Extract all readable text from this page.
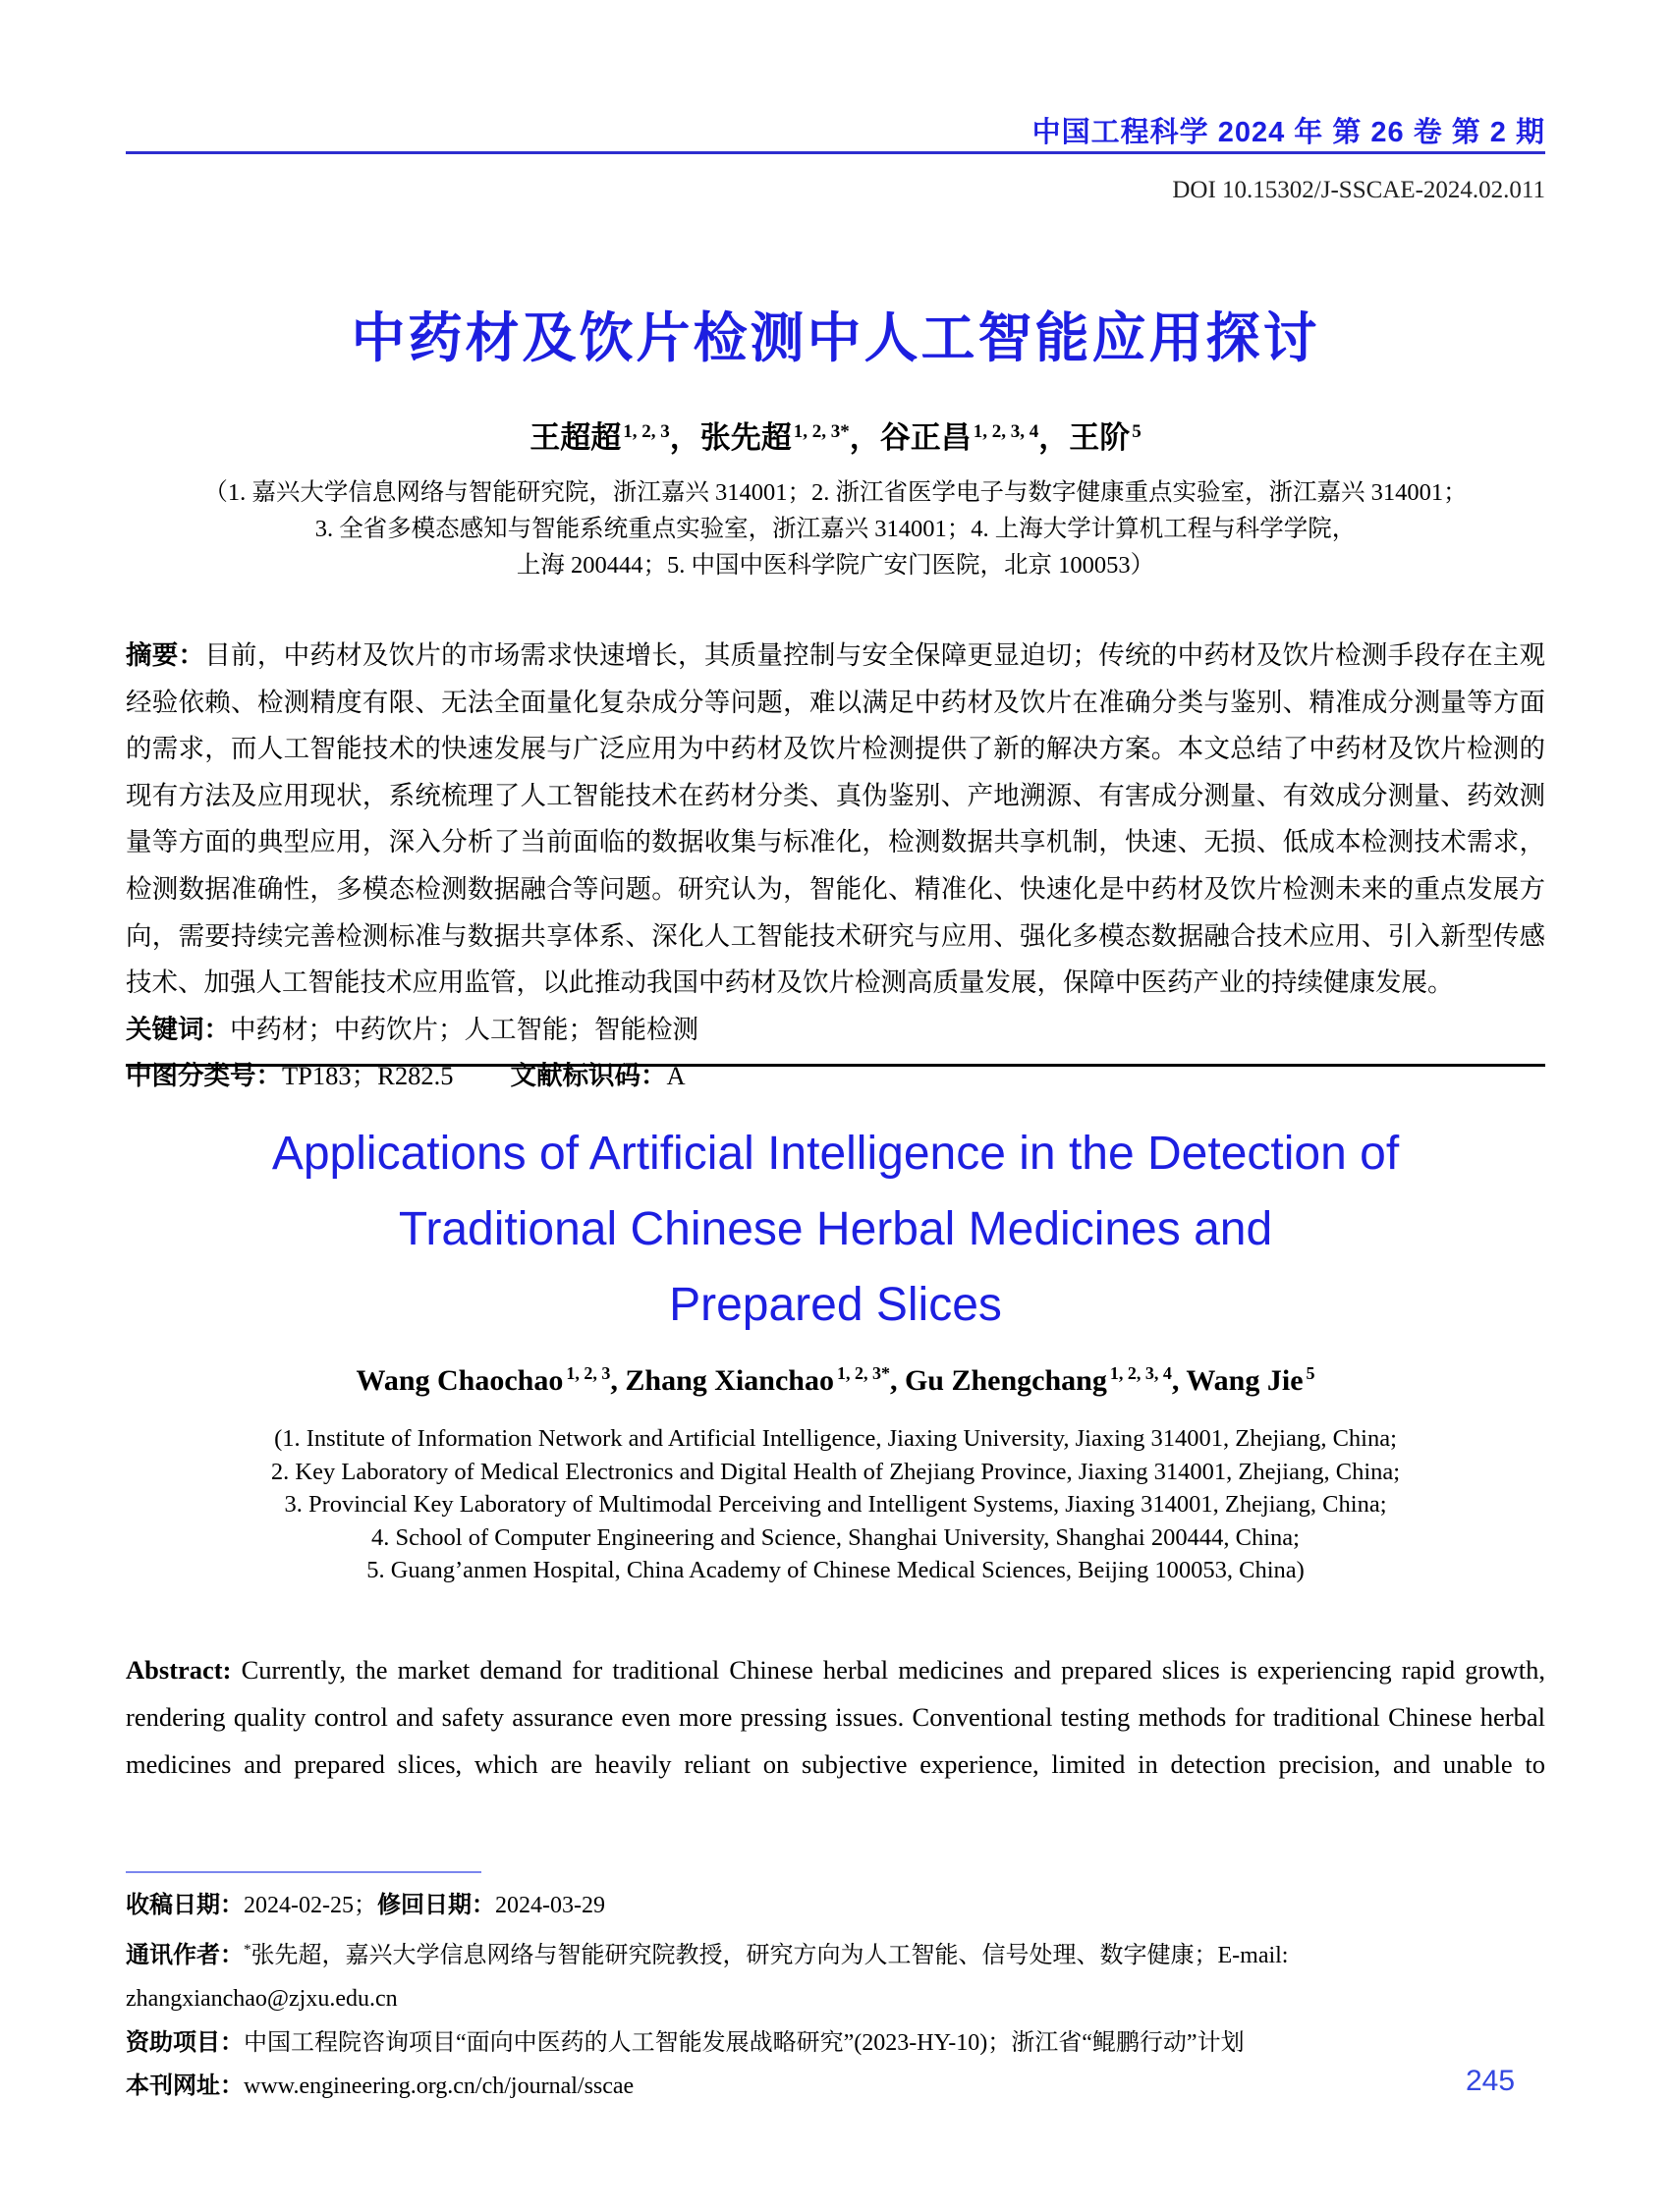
中国工程科学 2024 年 第 26 卷 第 2 期
DOI 10.15302/J-SSCAE-2024.02.011
中药材及饮片检测中人工智能应用探讨
王超超 $^{1, 2, 3}$，张先超 $^{1, 2, 3*}$，谷正昌 $^{1, 2, 3, 4}$，王阶 $^5$
（1. 嘉兴大学信息网络与智能研究院，浙江嘉兴 314001；2. 浙江省医学电子与数字健康重点实验室，浙江嘉兴 314001；
3. 全省多模态感知与智能系统重点实验室，浙江嘉兴 314001；4. 上海大学计算机工程与科学学院，
上海 200444；5. 中国中医科学院广安门医院，北京 100053）

摘要：目前，中药材及饮片的市场需求快速增长，其质量控制与安全保障更显迫切；传统的中药材及饮片检测手段存在主观经验依赖、检测精度有限、无法全面量化复杂成分等问题，难以满足中药材及饮片在准确分类与鉴别、精准成分测量等方面的需求，而人工智能技术的快速发展与广泛应用为中药材及饮片检测提供了新的解决方案。本文总结了中药材及饮片检测的现有方法及应用现状，系统梳理了人工智能技术在药材分类、真伪鉴别、产地溯源、有害成分测量、有效成分测量、药效测量等方面的典型应用，深入分析了当前面临的数据收集与标准化，检测数据共享机制，快速、无损、低成本检测技术需求，检测数据准确性，多模态检测数据融合等问题。研究认为，智能化、精准化、快速化是中药材及饮片检测未来的重点发展方向，需要持续完善检测标准与数据共享体系、深化人工智能技术研究与应用、强化多模态数据融合技术应用、引入新型传感技术、加强人工智能技术应用监管，以此推动我国中药材及饮片检测高质量发展，保障中医药产业的持续健康发展。

关键词：中药材；中药饮片；人工智能；智能检测

中图分类号：TP183；R282.5 文献标识码：A

Applications of Artificial Intelligence in the Detection of
Traditional Chinese Herbal Medicines and
Prepared Slices
Wang Chaochao $^{1, 2, 3}$, Zhang Xianchao $^{1, 2, 3*}$, Gu Zhengchang $^{1, 2, 3, 4}$, Wang Jie $^5$
(1. Institute of Information Network and Artificial Intelligence, Jiaxing University, Jiaxing 314001, Zhejiang, China;
2. Key Laboratory of Medical Electronics and Digital Health of Zhejiang Province, Jiaxing 314001, Zhejiang, China;
3. Provincial Key Laboratory of Multimodal Perceiving and Intelligent Systems, Jiaxing 314001, Zhejiang, China;
4. School of Computer Engineering and Science, Shanghai University, Shanghai 200444, China;
5. Guang’anmen Hospital, China Academy of Chinese Medical Sciences, Beijing 100053, China)
Abstract: Currently, the market demand for traditional Chinese herbal medicines and prepared slices is experiencing rapid growth, rendering quality control and safety assurance even more pressing issues. Conventional testing methods for traditional Chinese herbal medicines and prepared slices, which are heavily reliant on subjective experience, limited in detection precision, and unable to

收稿日期：2024-02-25；修回日期：2024-03-29

通讯作者：*张先超，嘉兴大学信息网络与智能研究院教授，研究方向为人工智能、信号处理、数字健康；E-mail: zhangxianchao@zjxu.edu.cn

资助项目：中国工程院咨询项目“面向中医药的人工智能发展战略研究”(2023-HY-10)；浙江省“鲲鹏行动”计划

本刊网址：www.engineering.org.cn/ch/journal/sscae	245
